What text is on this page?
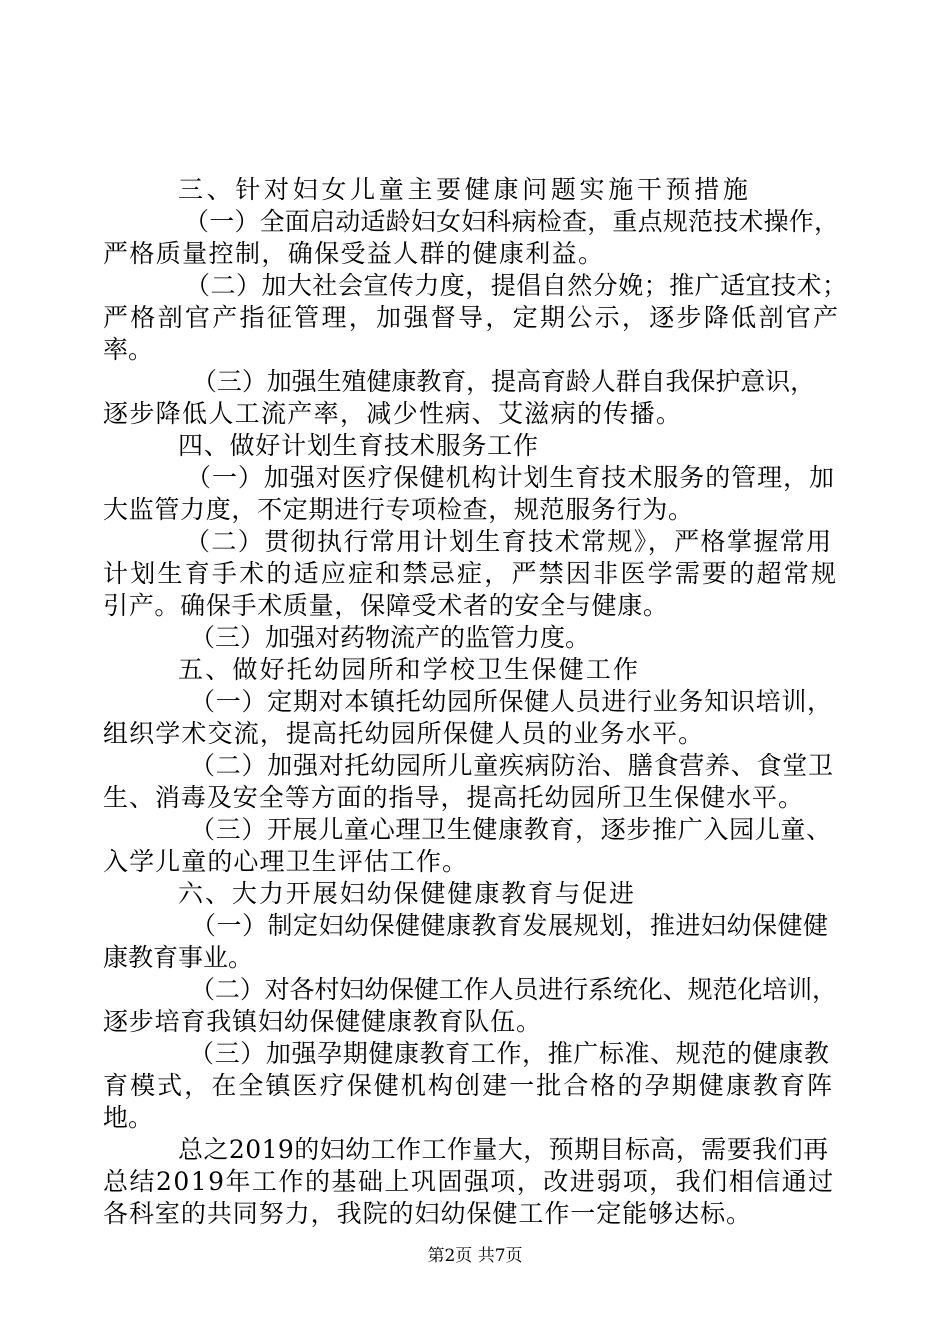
三、针对妇女儿童主要健康问题实施干预措施
（一）全面启动适龄妇女妇科病检查，重点规范技术操作，
严格质量控制，确保受益人群的健康利益。
（二）加大社会宣传力度，提倡自然分娩；推广适宜技术；
严格剖官产指征管理，加强督导，定期公示，逐步降低剖官产
率。
（三）加强生殖健康教育，提高育龄人群自我保护意识，
逐步降低人工流产率，减少性病、艾滋病的传播。
四、做好计划生育技术服务工作
（一）加强对医疗保健机构计划生育技术服务的管理，加
大监管力度，不定期进行专项检查，规范服务行为。
（二）贯彻执行常用计划生育技术常规》，严格掌握常用
计划生育手术的适应症和禁忌症，严禁因非医学需要的超常规
引产。确保手术质量，保障受术者的安全与健康。
（三）加强对药物流产的监管力度。
五、做好托幼园所和学校卫生保健工作
（一）定期对本镇托幼园所保健人员进行业务知识培训，
组织学术交流，提高托幼园所保健人员的业务水平。
（二）加强对托幼园所儿童疾病防治、膳食营养、食堂卫
生、消毒及安全等方面的指导，提高托幼园所卫生保健水平。
（三）开展儿童心理卫生健康教育，逐步推广入园儿童、
入学儿童的心理卫生评估工作。
六、大力开展妇幼保健健康教育与促进
（一）制定妇幼保健健康教育发展规划，推进妇幼保健健
康教育事业。
（二）对各村妇幼保健工作人员进行系统化、规范化培训，
逐步培育我镇妇幼保健健康教育队伍。
（三）加强孕期健康教育工作，推广标准、规范的健康教
育模式，在全镇医疗保健机构创建一批合格的孕期健康教育阵
地。
总之2019的妇幼工作工作量大，预期目标高，需要我们再
总结2019年工作的基础上巩固强项，改进弱项，我们相信通过
各科室的共同努力，我院的妇幼保健工作一定能够达标。
第2页 共7页
